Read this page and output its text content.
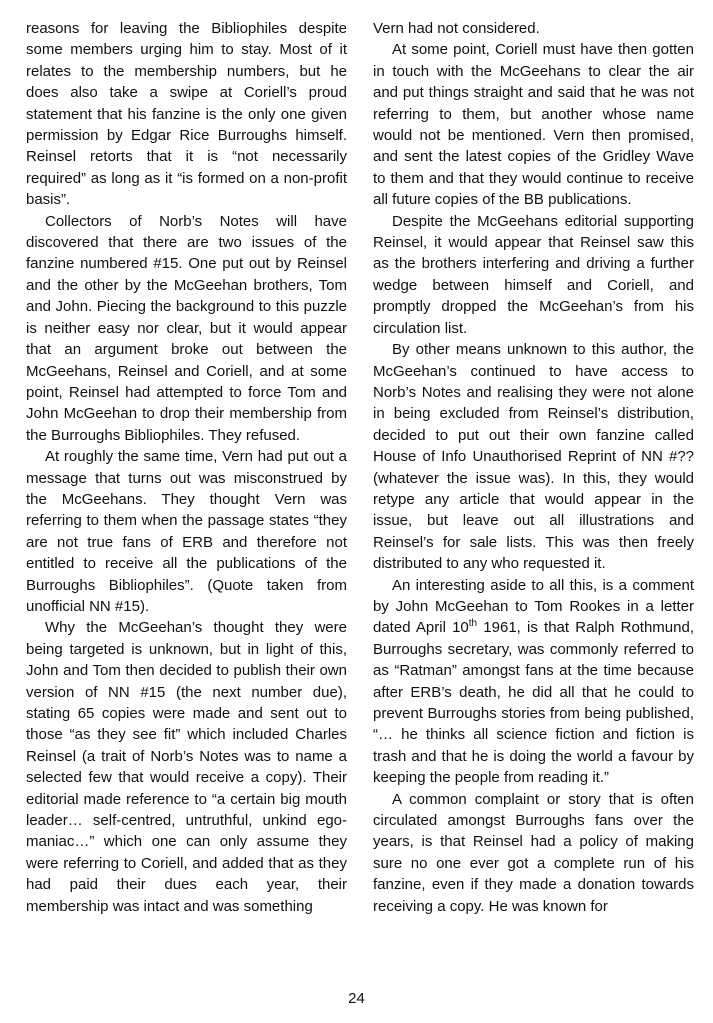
reasons for leaving the Bibliophiles despite some members urging him to stay. Most of it relates to the membership numbers, but he does also take a swipe at Coriell’s proud statement that his fanzine is the only one given permission by Edgar Rice Burroughs himself. Reinsel retorts that it is “not necessarily required” as long as it “is formed on a non-profit basis”.

Collectors of Norb’s Notes will have discovered that there are two issues of the fanzine numbered #15. One put out by Reinsel and the other by the McGeehan brothers, Tom and John. Piecing the background to this puzzle is neither easy nor clear, but it would appear that an argument broke out between the McGeehans, Reinsel and Coriell, and at some point, Reinsel had attempted to force Tom and John McGeehan to drop their membership from the Burroughs Bibliophiles. They refused.

At roughly the same time, Vern had put out a message that turns out was misconstrued by the McGeehans. They thought Vern was referring to them when the passage states “they are not true fans of ERB and therefore not entitled to receive all the publications of the Burroughs Bibliophiles”. (Quote taken from unofficial NN #15).

Why the McGeehan’s thought they were being targeted is unknown, but in light of this, John and Tom then decided to publish their own version of NN #15 (the next number due), stating 65 copies were made and sent out to those “as they see fit” which included Charles Reinsel (a trait of Norb’s Notes was to name a selected few that would receive a copy). Their editorial made reference to “a certain big mouth leader… self-centred, untruthful, unkind ego-maniac…” which one can only assume they were referring to Coriell, and added that as they had paid their dues each year, their membership was intact and was something

Vern had not considered.

At some point, Coriell must have then gotten in touch with the McGeehans to clear the air and put things straight and said that he was not referring to them, but another whose name would not be mentioned. Vern then promised, and sent the latest copies of the Gridley Wave to them and that they would continue to receive all future copies of the BB publications.

Despite the McGeehans editorial supporting Reinsel, it would appear that Reinsel saw this as the brothers interfering and driving a further wedge between himself and Coriell, and promptly dropped the McGeehan’s from his circulation list.

By other means unknown to this author, the McGeehan’s continued to have access to Norb’s Notes and realising they were not alone in being excluded from Reinsel’s distribution, decided to put out their own fanzine called House of Info Unauthorised Reprint of NN #?? (whatever the issue was). In this, they would retype any article that would appear in the issue, but leave out all illustrations and Reinsel’s for sale lists. This was then freely distributed to any who requested it.

An interesting aside to all this, is a comment by John McGeehan to Tom Rookes in a letter dated April 10th 1961, is that Ralph Rothmund, Burroughs secretary, was commonly referred to as “Ratman” amongst fans at the time because after ERB’s death, he did all that he could to prevent Burroughs stories from being published, “… he thinks all science fiction and fiction is trash and that he is doing the world a favour by keeping the people from reading it.”

A common complaint or story that is often circulated amongst Burroughs fans over the years, is that Reinsel had a policy of making sure no one ever got a complete run of his fanzine, even if they made a donation towards receiving a copy. He was known for

24
